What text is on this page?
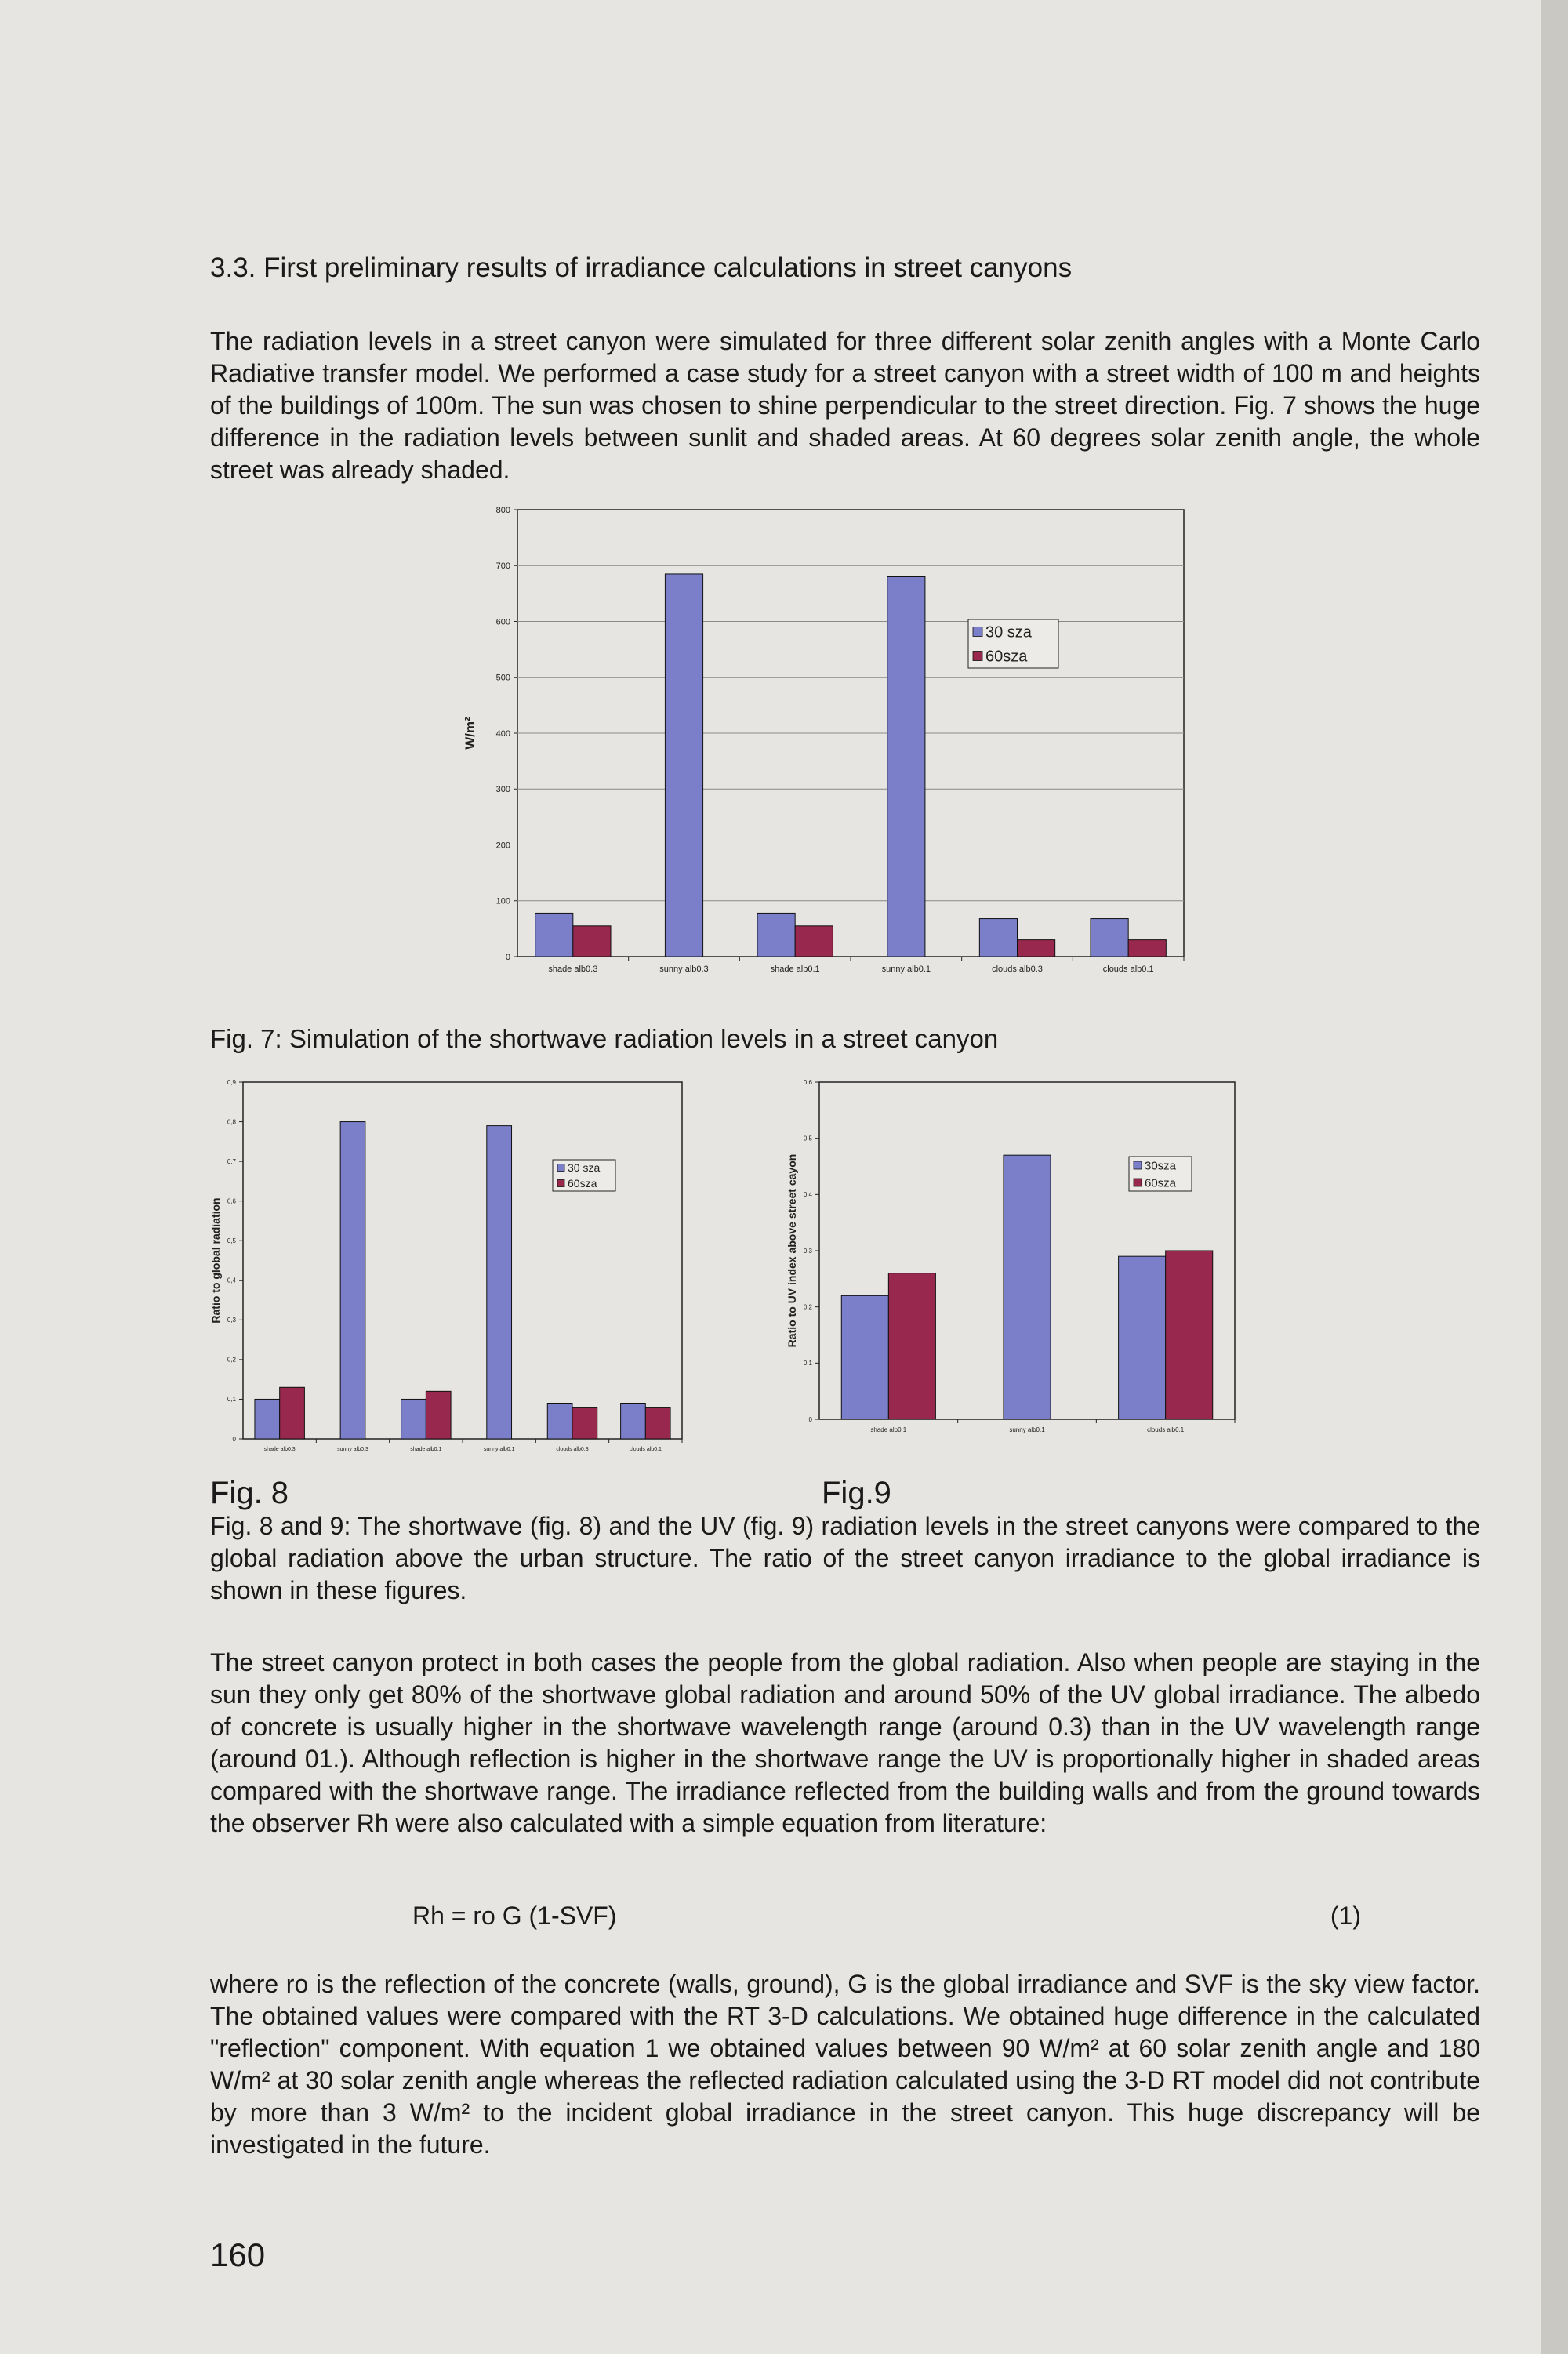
3.3. First preliminary results of irradiance calculations in street canyons

The radiation levels in a street canyon were simulated for three different solar zenith angles with a Monte Carlo Radiative transfer model. We performed a case study for a street canyon with a street width of 100 m and heights of the buildings of 100m. The sun was chosen to shine perpendicular to the street direction. Fig. 7 shows the huge difference in the radiation levels between sunlit and shaded areas. At 60 degrees solar zenith angle, the whole street was already shaded.

0
100
200
300
400
500
600
700
800
W/m²
shade alb0.3	sunny alb0.3	shade alb0.1	sunny alb0.1	clouds alb0.3	clouds alb0.1
30 sza
60sza
Fig. 7: Simulation of the shortwave radiation levels in a street canyon
0
0,1
0,2
0,3
0,4
0,5
0,6
0,7
0,8
0,9
Ratio to global radiation
shade alb0.3	sunny alb0.3	shade alb0.1	sunny alb0.1	clouds alb0.3	clouds alb0.1
30 sza
60sza
0
0,1
0,2
0,3
0,4
0,5
0,6
Ratio to UV index above street cayon
shade alb0.1	sunny alb0.1	clouds alb0.1
30sza
60sza
Fig. 8	Fig.9

Fig. 8 and 9: The shortwave (fig. 8) and the UV (fig. 9) radiation levels in the street canyons were compared to the global radiation above the urban structure. The ratio of the street canyon irradiance to the global irradiance is shown in these figures.

The street canyon protect in both cases the people from the global radiation. Also when people are staying in the sun they only get 80% of the shortwave global radiation and around 50% of the UV global irradiance. The albedo of concrete is usually higher in the shortwave wavelength range (around 0.3) than in the UV wavelength range (around 01.). Although reflection is higher in the shortwave range the UV is proportionally higher in shaded areas compared with the shortwave range. The irradiance reflected from the building walls and from the ground towards the observer Rh were also calculated with a simple equation from literature:

Rh = ro G (1-SVF)	(1)

where ro is the reflection of the concrete (walls, ground), G is the global irradiance and SVF is the sky view factor. The obtained values were compared with the RT 3-D calculations. We obtained huge difference in the calculated "reflection" component. With equation 1 we obtained values between 90 W/m² at 60 solar zenith angle and 180 W/m² at 30 solar zenith angle whereas the reflected radiation calculated using the 3-D RT model did not contribute by more than 3 W/m² to the incident global irradiance in the street canyon. This huge discrepancy will be investigated in the future.

160
